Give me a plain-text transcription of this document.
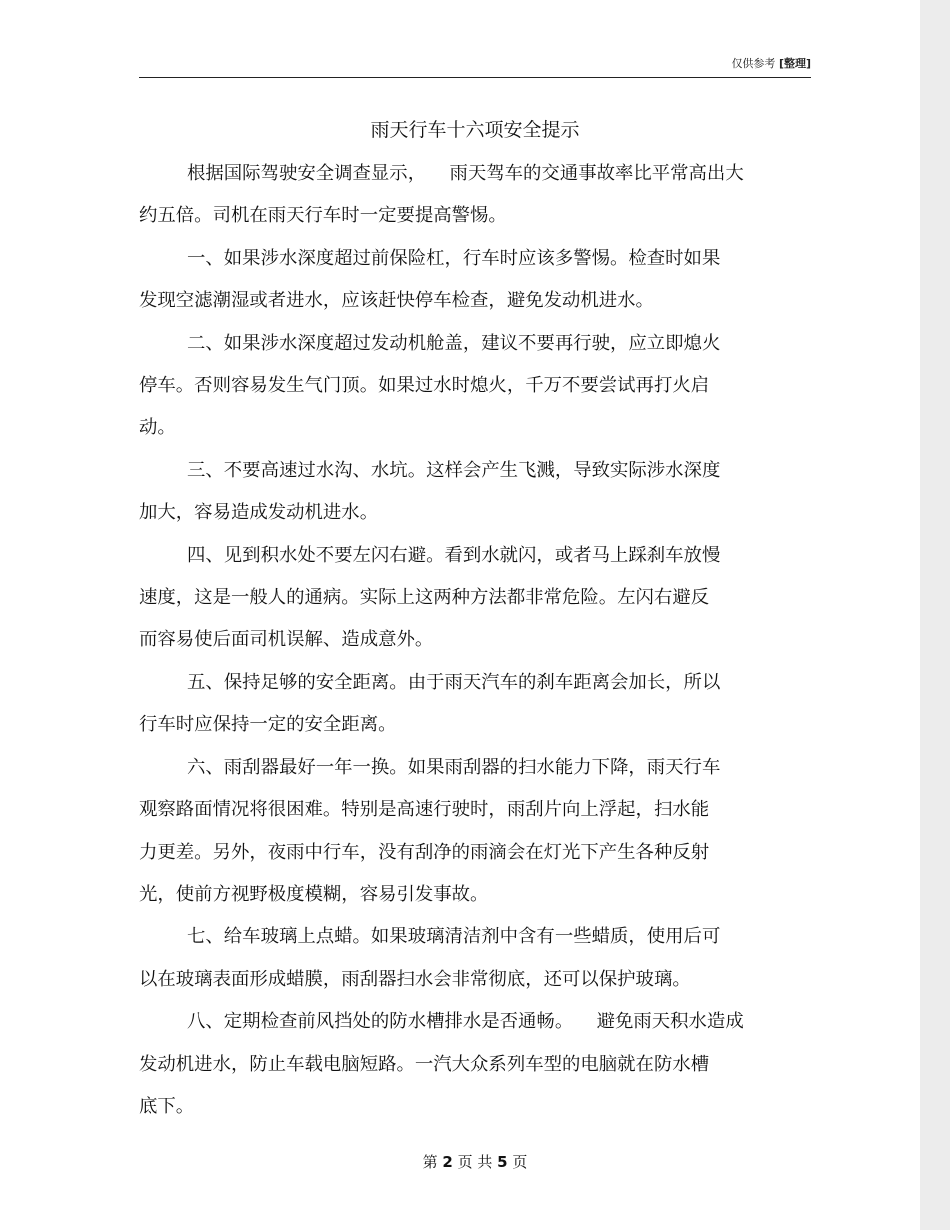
仅供参考 [整理]
雨天行车十六项安全提示

根据国际驾驶安全调查显示，    雨天驾车的交通事故率比平常高出大
约五倍。司机在雨天行车时一定要提高警惕。

一、如果涉水深度超过前保险杠，行车时应该多警惕。检查时如果
发现空滤潮湿或者进水，应该赶快停车检查，避免发动机进水。

二、如果涉水深度超过发动机舱盖，建议不要再行驶，应立即熄火
停车。否则容易发生气门顶。如果过水时熄火，千万不要尝试再打火启
动。

三、不要高速过水沟、水坑。这样会产生飞溅，导致实际涉水深度
加大，容易造成发动机进水。

四、见到积水处不要左闪右避。看到水就闪，或者马上踩刹车放慢
速度，这是一般人的通病。实际上这两种方法都非常危险。左闪右避反
而容易使后面司机误解、造成意外。

五、保持足够的安全距离。由于雨天汽车的刹车距离会加长，所以
行车时应保持一定的安全距离。

六、雨刮器最好一年一换。如果雨刮器的扫水能力下降，雨天行车
观察路面情况将很困难。特别是高速行驶时，雨刮片向上浮起，扫水能
力更差。另外，夜雨中行车，没有刮净的雨滴会在灯光下产生各种反射
光，使前方视野极度模糊，容易引发事故。

七、给车玻璃上点蜡。如果玻璃清洁剂中含有一些蜡质，使用后可
以在玻璃表面形成蜡膜，雨刮器扫水会非常彻底，还可以保护玻璃。

八、定期检查前风挡处的防水槽排水是否通畅。    避免雨天积水造成
发动机进水，防止车载电脑短路。一汽大众系列车型的电脑就在防水槽
底下。

第 2 页 共 5 页
